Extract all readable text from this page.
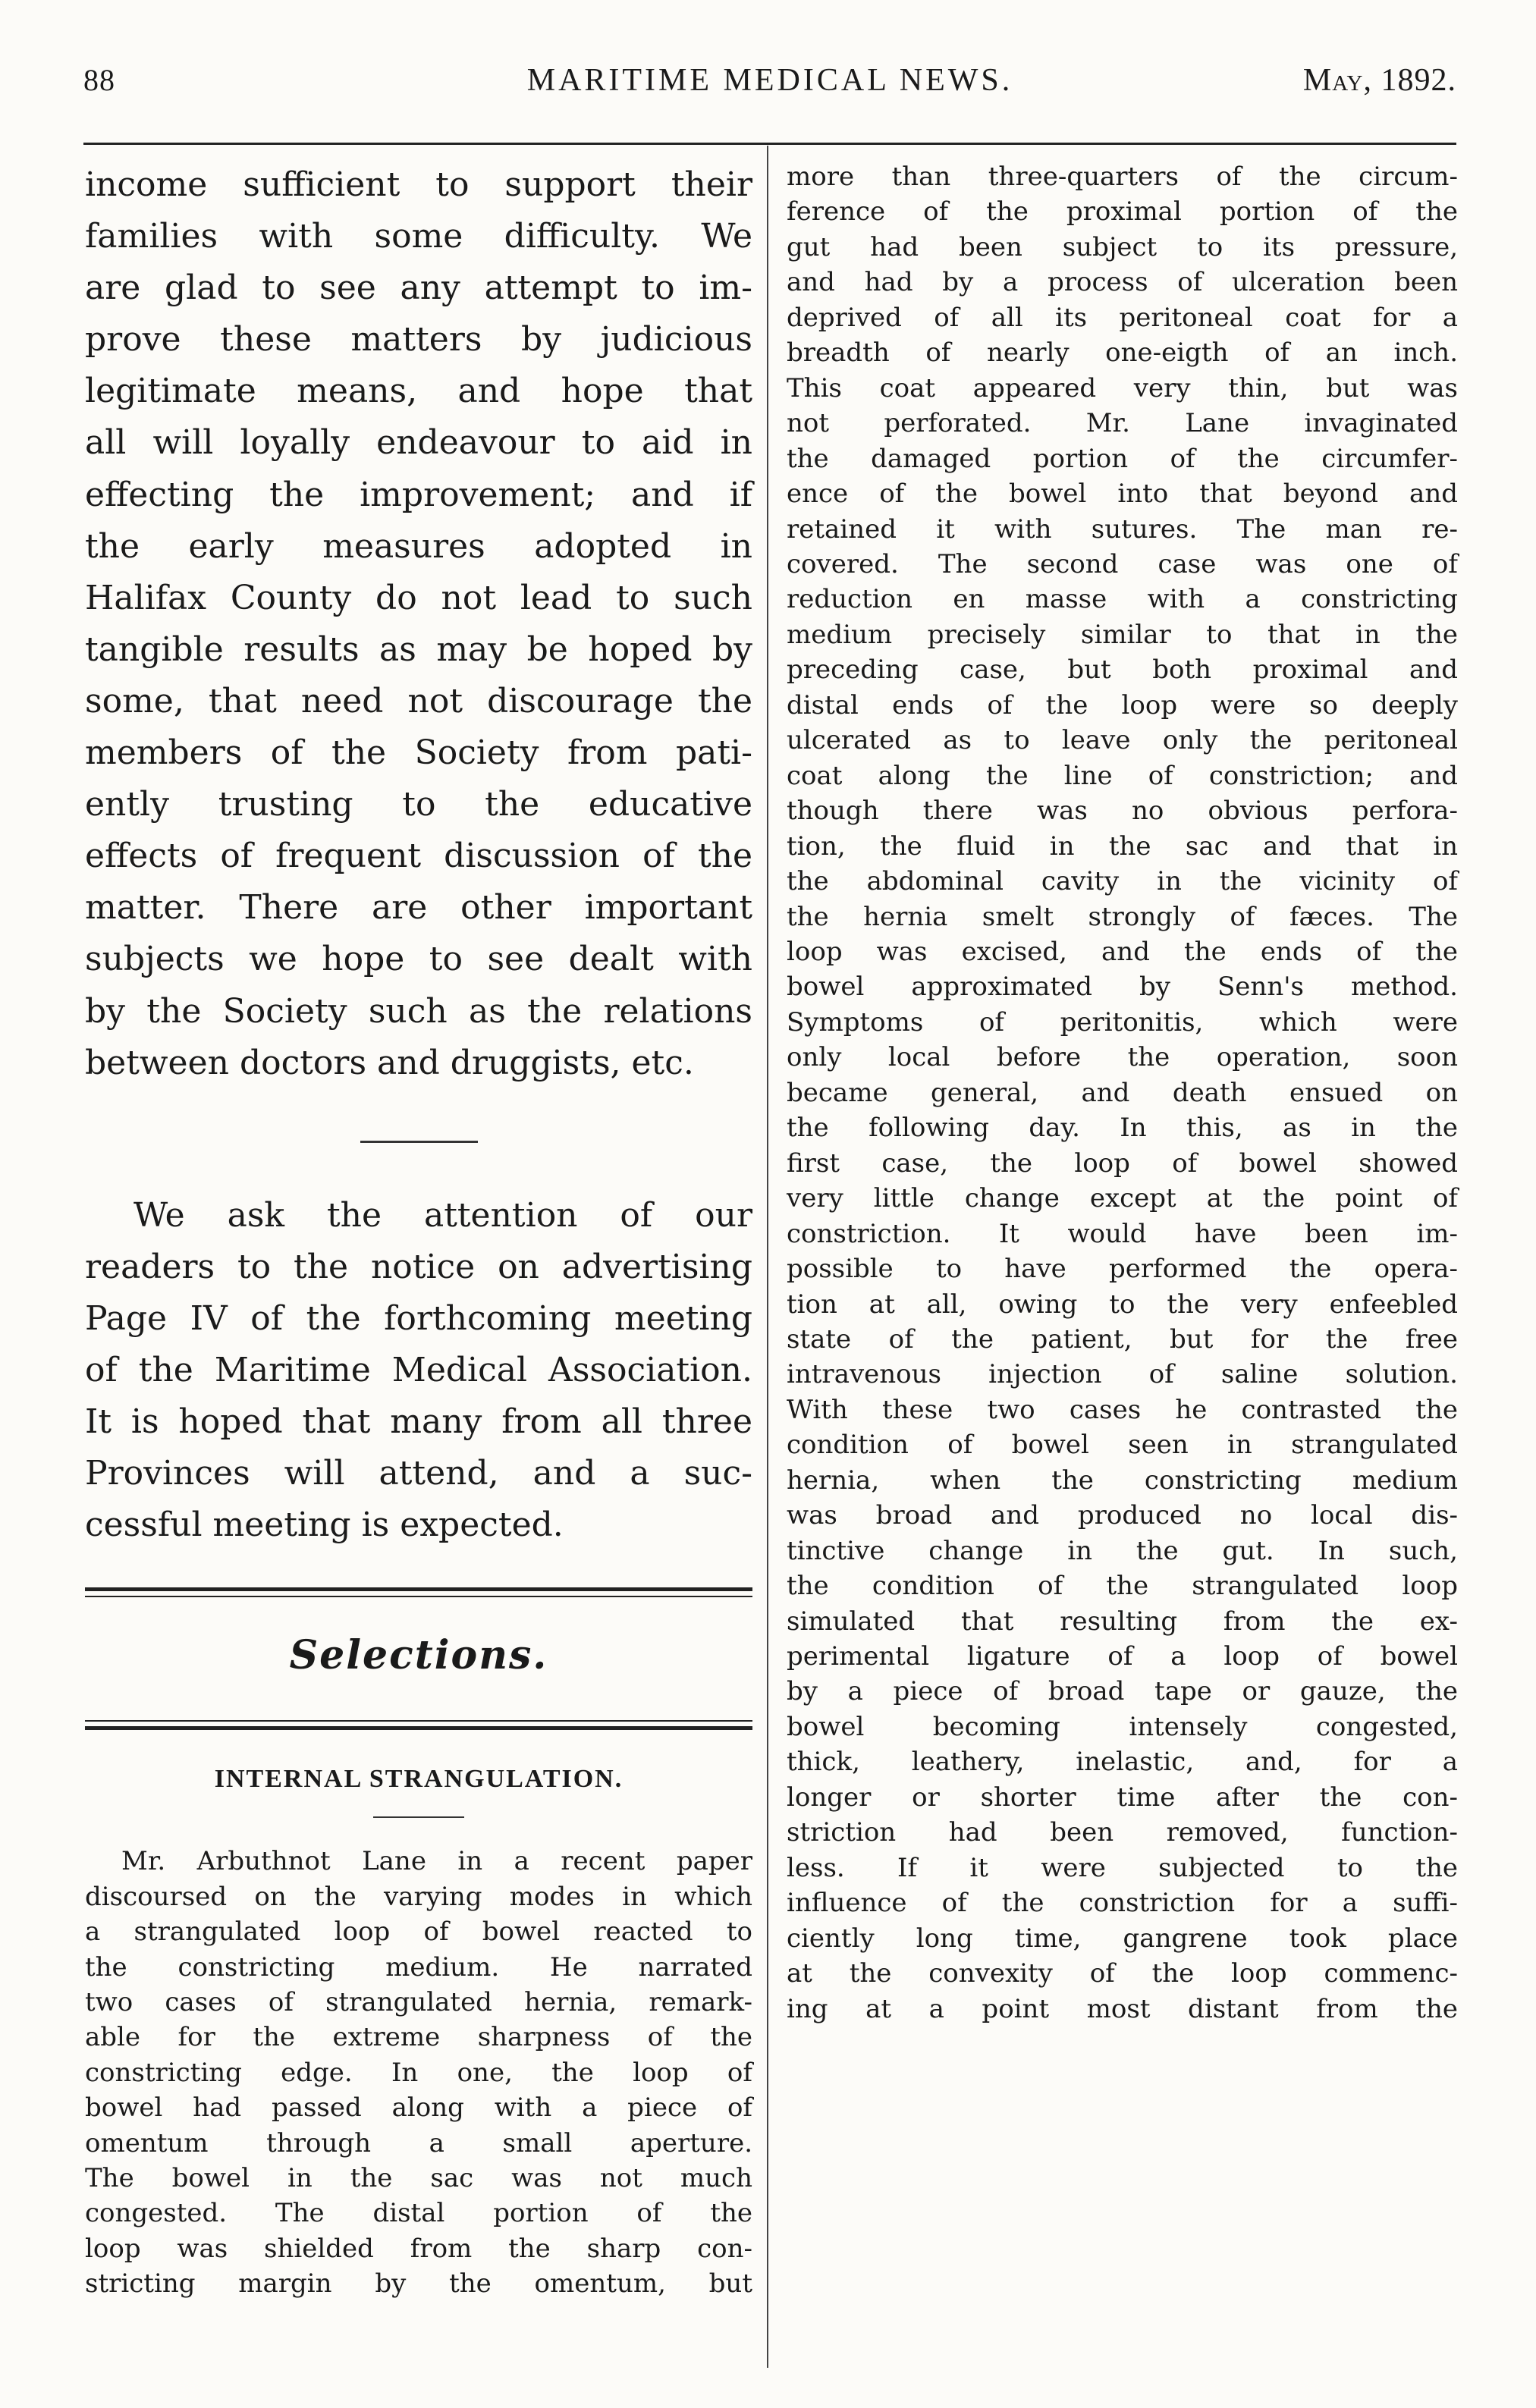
88	MARITIME MEDICAL NEWS.	May, 1892.
income sufficient to support their
families with some difficulty. We
are glad to see any attempt to im-
prove these matters by judicious
legitimate means, and hope that
all will loyally endeavour to aid in
effecting the improvement; and if
the early measures adopted in
Halifax County do not lead to such
tangible results as may be hoped by
some, that need not discourage the
members of the Society from pati-
ently trusting to the educative
effects of frequent discussion of the
matter. There are other important
subjects we hope to see dealt with
by the Society such as the relations
between doctors and druggists, etc.
We ask the attention of our
readers to the notice on advertising
Page IV of the forthcoming meeting
of the Maritime Medical Association.
It is hoped that many from all three
Provinces will attend, and a suc-
cessful meeting is expected.
Selections.
INTERNAL STRANGULATION.
Mr. Arbuthnot Lane in a recent paper
discoursed on the varying modes in which
a strangulated loop of bowel reacted to
the constricting medium. He narrated
two cases of strangulated hernia, remark-
able for the extreme sharpness of the
constricting edge. In one, the loop of
bowel had passed along with a piece of
omentum through a small aperture.
The bowel in the sac was not much
congested. The distal portion of the
loop was shielded from the sharp con-
stricting margin by the omentum, but
more than three-quarters of the circum-
ference of the proximal portion of the
gut had been subject to its pressure,
and had by a process of ulceration been
deprived of all its peritoneal coat for a
breadth of nearly one-eigth of an inch.
This coat appeared very thin, but was
not perforated. Mr. Lane invaginated
the damaged portion of the circumfer-
ence of the bowel into that beyond and
retained it with sutures. The man re-
covered. The second case was one of
reduction en masse with a constricting
medium precisely similar to that in the
preceding case, but both proximal and
distal ends of the loop were so deeply
ulcerated as to leave only the peritoneal
coat along the line of constriction; and
though there was no obvious perfora-
tion, the fluid in the sac and that in
the abdominal cavity in the vicinity of
the hernia smelt strongly of fæces. The
loop was excised, and the ends of the
bowel approximated by Senn's method.
Symptoms of peritonitis, which were
only local before the operation, soon
became general, and death ensued on
the following day. In this, as in the
first case, the loop of bowel showed
very little change except at the point of
constriction. It would have been im-
possible to have performed the opera-
tion at all, owing to the very enfeebled
state of the patient, but for the free
intravenous injection of saline solution.
With these two cases he contrasted the
condition of bowel seen in strangulated
hernia, when the constricting medium
was broad and produced no local dis-
tinctive change in the gut. In such,
the condition of the strangulated loop
simulated that resulting from the ex-
perimental ligature of a loop of bowel
by a piece of broad tape or gauze, the
bowel becoming intensely congested,
thick, leathery, inelastic, and, for a
longer or shorter time after the con-
striction had been removed, function-
less. If it were subjected to the
influence of the constriction for a suffi-
ciently long time, gangrene took place
at the convexity of the loop commenc-
ing at a point most distant from the
